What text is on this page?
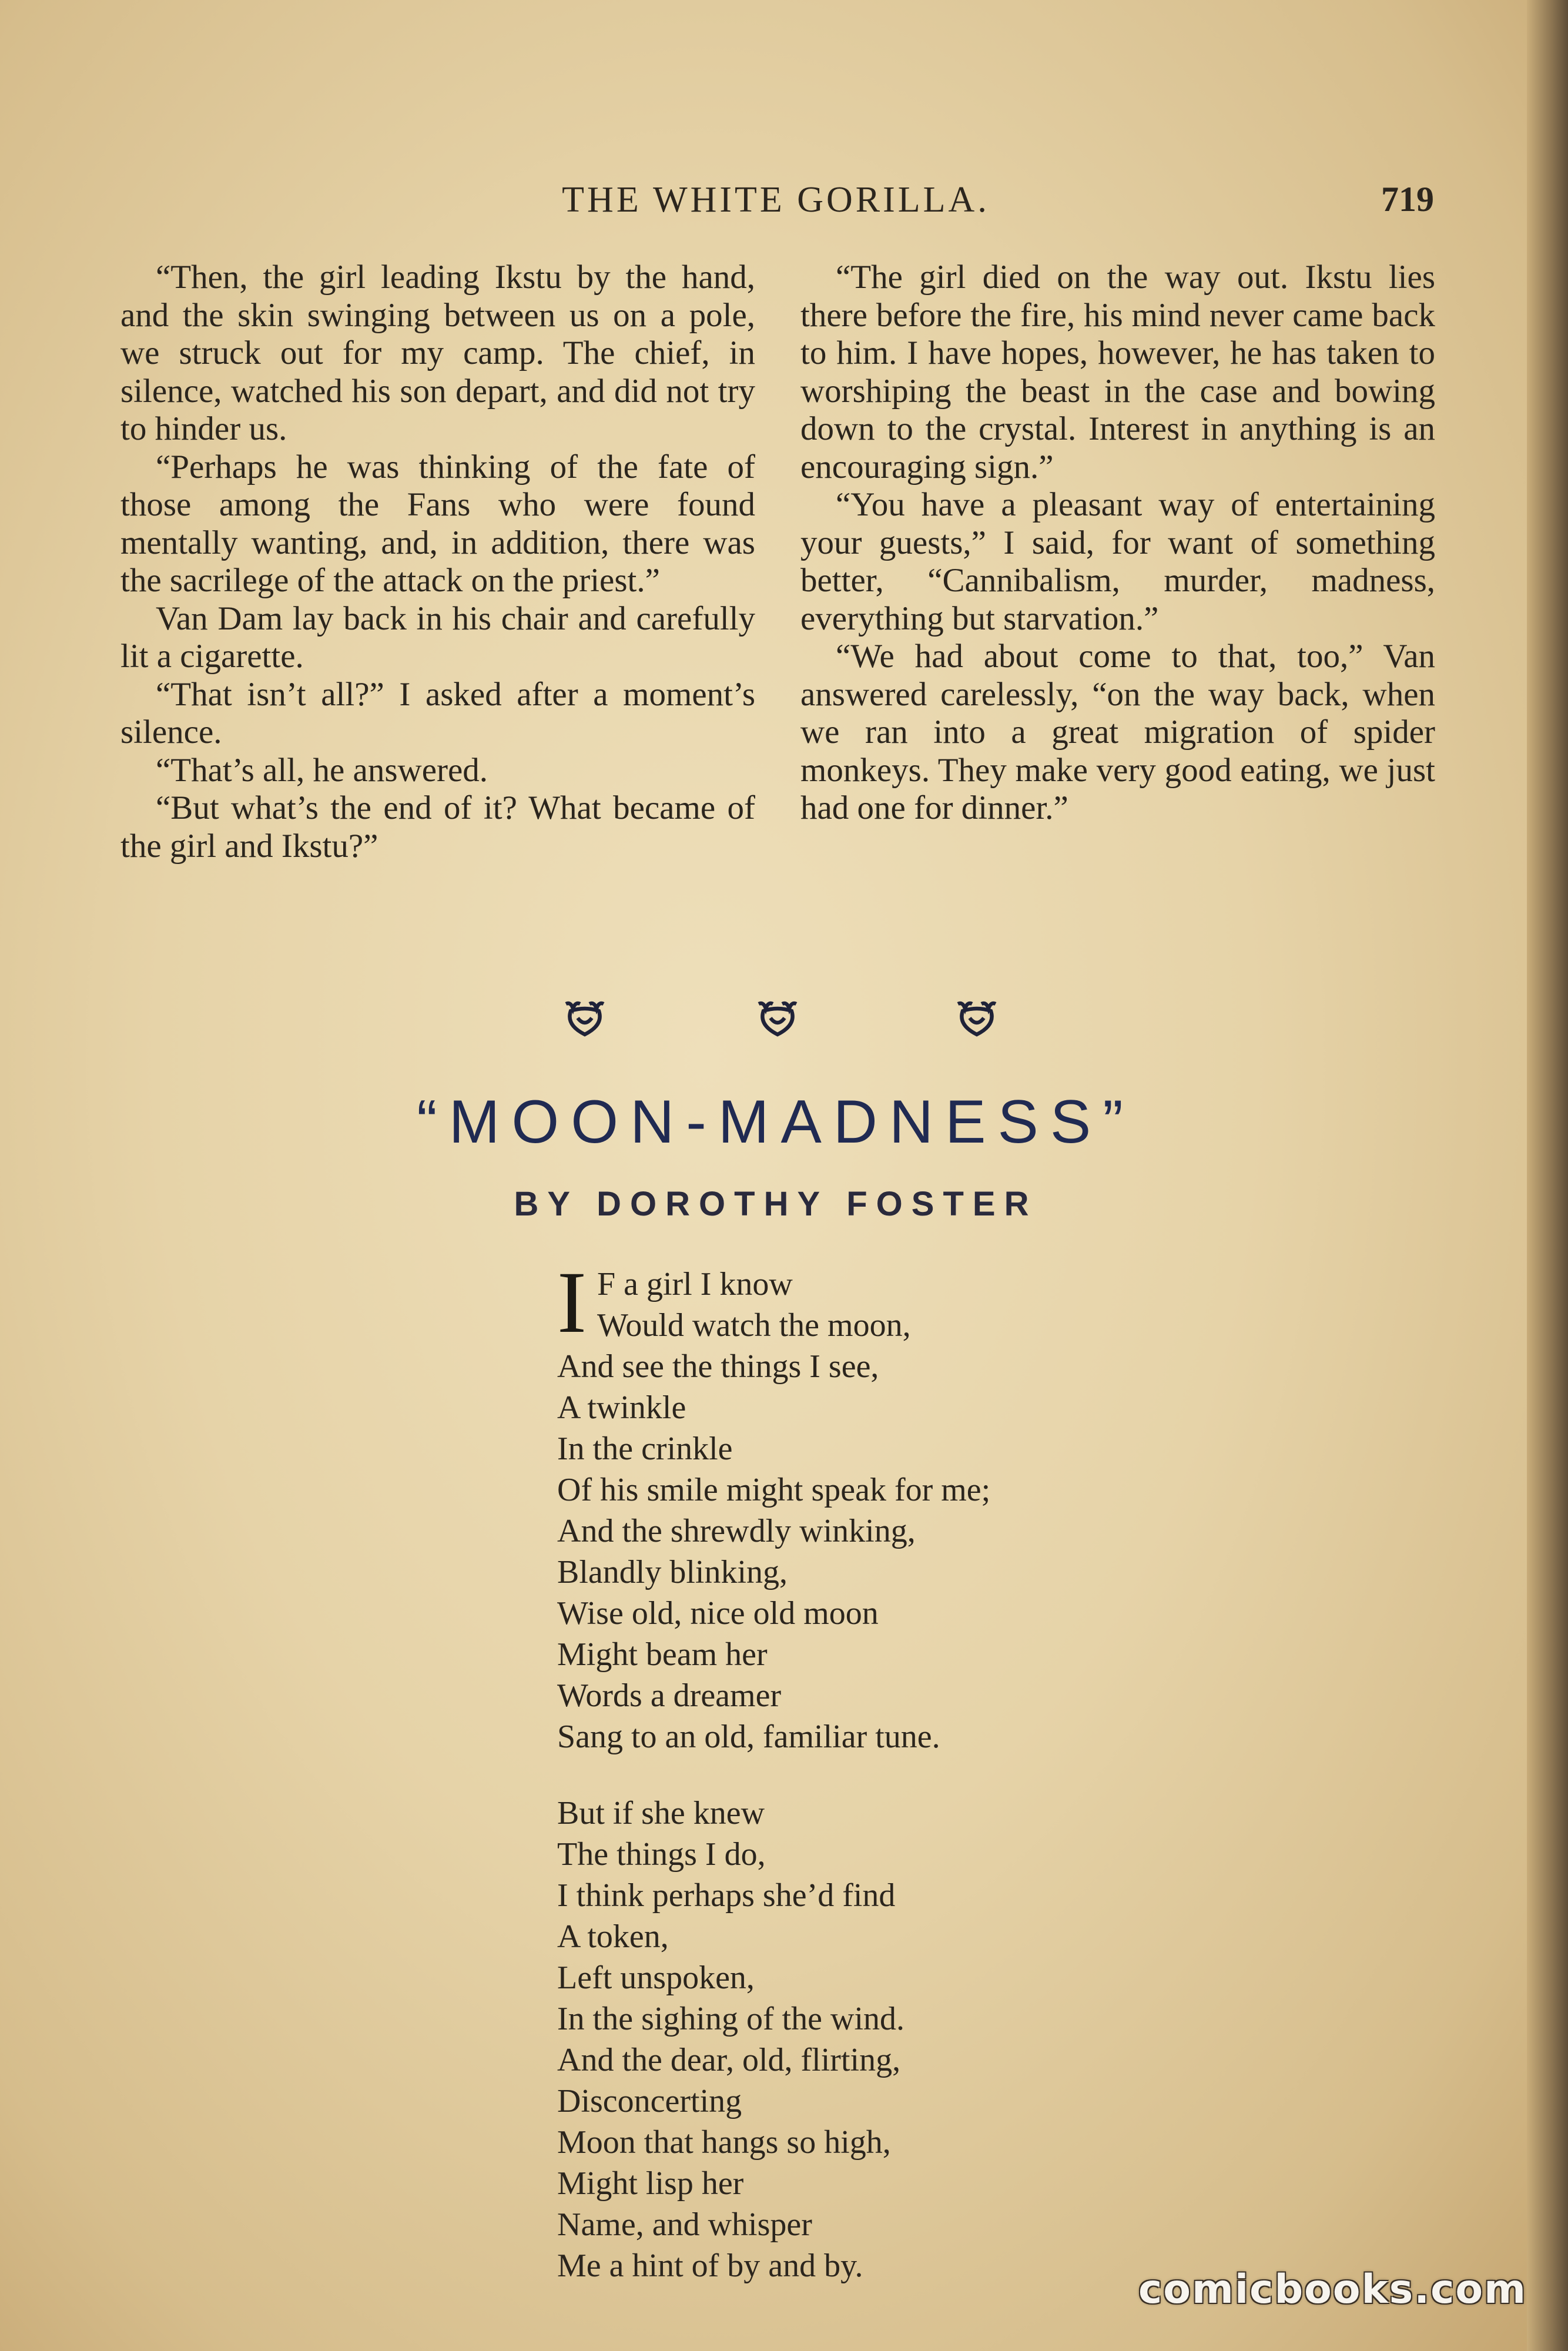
THE WHITE GORILLA.	719

“Then, the girl leading Ikstu by the hand, and the skin swinging between us on a pole, we struck out for my camp. The chief, in silence, watched his son depart, and did not try to hinder us.

“Perhaps he was thinking of the fate of those among the Fans who were found mentally wanting, and, in addition, there was the sacrilege of the attack on the priest.”

Van Dam lay back in his chair and carefully lit a cigarette.

“That isn’t all?” I asked after a moment’s silence.

“That’s all, he answered.

“But what’s the end of it? What became of the girl and Ikstu?”

“The girl died on the way out. Ikstu lies there before the fire, his mind never came back to him. I have hopes, however, he has taken to worshiping the beast in the case and bowing down to the crystal. Interest in anything is an encouraging sign.”

“You have a pleasant way of entertaining your guests,” I said, for want of something better, “Cannibalism, murder, madness, everything but starvation.”

“We had about come to that, too,” Van answered carelessly, “on the way back, when we ran into a great migration of spider monkeys. They make very good eating, we just had one for dinner.”

“MOON-MADNESS”
BY DOROTHY FOSTER
I F a girl I know
Would watch the moon,
And see the things I see,
A twinkle
In the crinkle
Of his smile might speak for me;
And the shrewdly winking,
Blandly blinking,
Wise old, nice old moon
Might beam her
Words a dreamer
Sang to an old, familiar tune.
But if she knew
The things I do,
I think perhaps she’d find
A token,
Left unspoken,
In the sighing of the wind.
And the dear, old, flirting,
Disconcerting
Moon that hangs so high,
Might lisp her
Name, and whisper
Me a hint of by and by.
comicbooks.com
